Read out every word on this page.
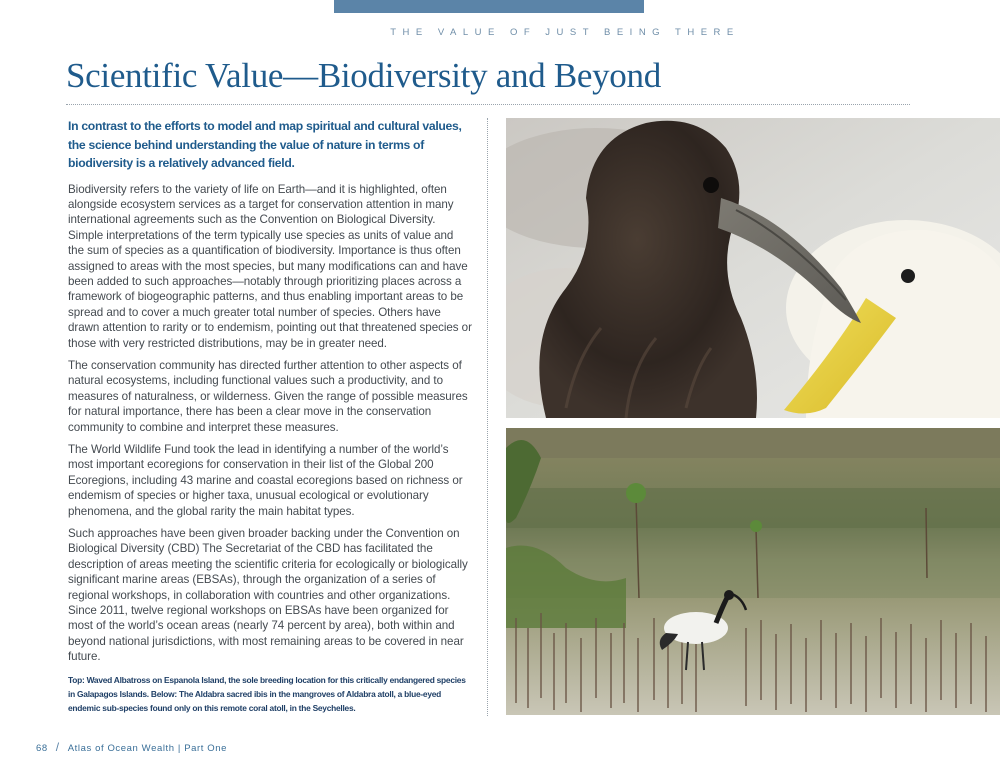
THE VALUE OF JUST BEING THERE
Scientific Value—Biodiversity and Beyond

In contrast to the efforts to model and map spiritual and cultural values, the science behind understanding the value of nature in terms of biodiversity is a relatively advanced field.

Biodiversity refers to the variety of life on Earth—and it is highlighted, often alongside ecosystem services as a target for conservation attention in many international agreements such as the Convention on Biological Diversity. Simple interpretations of the term typically use species as units of value and the sum of species as a quantification of biodiversity. Importance is thus often assigned to areas with the most species, but many modifications can and have been added to such approaches—notably through prioritizing places across a framework of biogeographic patterns, and thus enabling important areas to be spread and to cover a much greater total number of species. Others have drawn attention to rarity or to endemism, pointing out that threatened species or those with very restricted distributions, may be in greater need.

The conservation community has directed further attention to other aspects of natural ecosystems, including functional values such a productivity, and to measures of naturalness, or wilderness. Given the range of possible measures for natural importance, there has been a clear move in the conservation community to combine and interpret these measures.

The World Wildlife Fund took the lead in identifying a number of the world’s most important ecoregions for conservation in their list of the Global 200 Ecoregions, including 43 marine and coastal ecoregions based on richness or endemism of species or higher taxa, unusual ecological or evolutionary phenomena, and the global rarity the main habitat types.

Such approaches have been given broader backing under the Convention on Biological Diversity (CBD) The Secretariat of the CBD has facilitated the description of areas meeting the scientific criteria for ecologically or biologically significant marine areas (EBSAs), through the organization of a series of regional workshops, in collaboration with countries and other organizations. Since 2011, twelve regional workshops on EBSAs have been organized for most of the world’s ocean areas (nearly 74 percent by area), both within and beyond national jurisdictions, with most remaining areas to be covered in near future.

Top: Waved Albatross on Espanola Island, the sole breeding location for this critically endangered species in Galapagos Islands. Below: The Aldabra sacred ibis in the mangroves of Aldabra atoll, a blue-eyed endemic sub-species found only on this remote coral atoll, in the Seychelles.

68 / Atlas of Ocean Wealth | Part One
